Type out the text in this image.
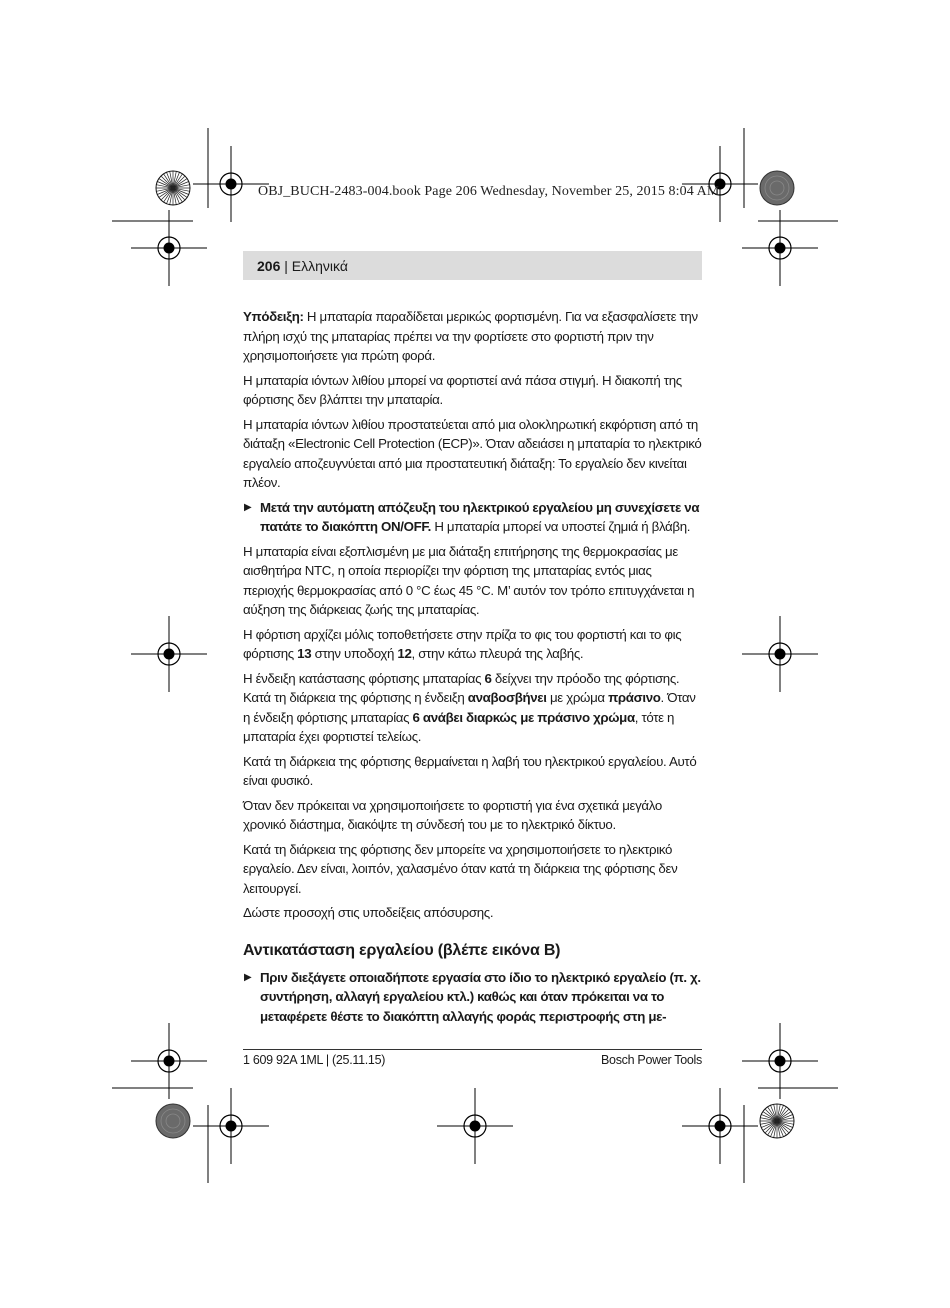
OBJ_BUCH-2483-004.book Page 206 Wednesday, November 25, 2015 8:04 AM
206 | Ελληνικά

Υπόδειξη: Η μπαταρία παραδίδεται μερικώς φορτισμένη. Για να εξασφαλίσετε την πλήρη ισχύ της μπαταρίας πρέπει να την φορτίσετε στο φορτιστή πριν την χρησιμοποιήσετε για πρώτη φορά.

Η μπαταρία ιόντων λιθίου μπορεί να φορτιστεί ανά πάσα στιγμή. Η διακοπή της φόρτισης δεν βλάπτει την μπαταρία.

Η μπαταρία ιόντων λιθίου προστατεύεται από μια ολοκληρωτική εκφόρτιση από τη διάταξη «Electronic Cell Protection (ECP)». Όταν αδειάσει η μπαταρία το ηλεκτρικό εργαλείο αποζευγνύεται από μια προστατευτική διάταξη: Το εργαλείο δεν κινείται πλέον.

▶ Μετά την αυτόματη απόζευξη του ηλεκτρικού εργαλείου μη συνεχίσετε να πατάτε το διακόπτη ON/OFF. Η μπαταρία μπορεί να υποστεί ζημιά ή βλάβη.

Η μπαταρία είναι εξοπλισμένη με μια διάταξη επιτήρησης της θερμοκρασίας με αισθητήρα NTC, η οποία περιορίζει την φόρτιση της μπαταρίας εντός μιας περιοχής θερμοκρασίας από 0 °C έως 45 °C. Μ’ αυτόν τον τρόπο επιτυγχάνεται η αύξηση της διάρκειας ζωής της μπαταρίας.

Η φόρτιση αρχίζει μόλις τοποθετήσετε στην πρίζα το φις του φορτιστή και το φις φόρτισης 13 στην υποδοχή 12, στην κάτω πλευρά της λαβής.

Η ένδειξη κατάστασης φόρτισης μπαταρίας 6 δείχνει την πρόοδο της φόρτισης. Κατά τη διάρκεια της φόρτισης η ένδειξη αναβοσβήνει με χρώμα πράσινο. Όταν η ένδειξη φόρτισης μπαταρίας 6 ανάβει διαρκώς με πράσινο χρώμα, τότε η μπαταρία έχει φορτιστεί τελείως.

Κατά τη διάρκεια της φόρτισης θερμαίνεται η λαβή του ηλεκτρικού εργαλείου. Αυτό είναι φυσικό.

Όταν δεν πρόκειται να χρησιμοποιήσετε το φορτιστή για ένα σχετικά μεγάλο χρονικό διάστημα, διακόψτε τη σύνδεσή του με το ηλεκτρικό δίκτυο.

Κατά τη διάρκεια της φόρτισης δεν μπορείτε να χρησιμοποιήσετε το ηλεκτρικό εργαλείο. Δεν είναι, λοιπόν, χαλασμένο όταν κατά τη διάρκεια της φόρτισης δεν λειτουργεί.

Δώστε προσοχή στις υποδείξεις απόσυρσης.

Αντικατάσταση εργαλείου (βλέπε εικόνα B)
▶ Πριν διεξάγετε οποιαδήποτε εργασία στο ίδιο το ηλεκτρικό εργαλείο (π. χ. συντήρηση, αλλαγή εργαλείου κτλ.) καθώς και όταν πρόκειται να το μεταφέρετε θέστε το διακόπτη αλλαγής φοράς περιστροφής στη με-
1 609 92A 1ML | (25.11.15)	Bosch Power Tools
